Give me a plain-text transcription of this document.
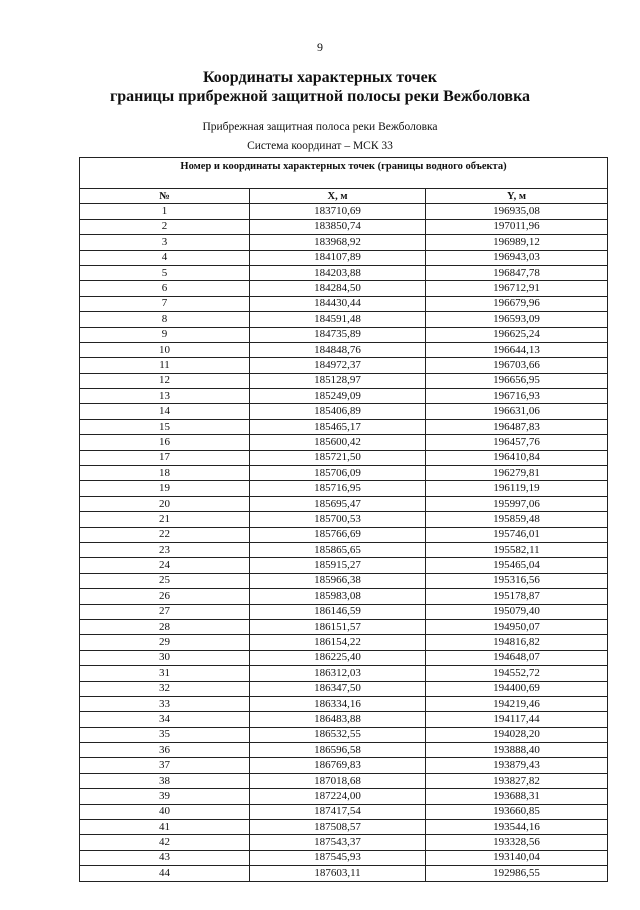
9
Координаты характерных точек
границы прибрежной защитной полосы реки Вежболовка
Прибрежная защитная полоса реки Вежболовка
Система координат – МСК 33
Номер и координаты характерных точек (границы водного объекта)		
№	X, м	Y, м
1	183710,69	196935,08
2	183850,74	197011,96
3	183968,92	196989,12
4	184107,89	196943,03
5	184203,88	196847,78
6	184284,50	196712,91
7	184430,44	196679,96
8	184591,48	196593,09
9	184735,89	196625,24
10	184848,76	196644,13
11	184972,37	196703,66
12	185128,97	196656,95
13	185249,09	196716,93
14	185406,89	196631,06
15	185465,17	196487,83
16	185600,42	196457,76
17	185721,50	196410,84
18	185706,09	196279,81
19	185716,95	196119,19
20	185695,47	195997,06
21	185700,53	195859,48
22	185766,69	195746,01
23	185865,65	195582,11
24	185915,27	195465,04
25	185966,38	195316,56
26	185983,08	195178,87
27	186146,59	195079,40
28	186151,57	194950,07
29	186154,22	194816,82
30	186225,40	194648,07
31	186312,03	194552,72
32	186347,50	194400,69
33	186334,16	194219,46
34	186483,88	194117,44
35	186532,55	194028,20
36	186596,58	193888,40
37	186769,83	193879,43
38	187018,68	193827,82
39	187224,00	193688,31
40	187417,54	193660,85
41	187508,57	193544,16
42	187543,37	193328,56
43	187545,93	193140,04
44	187603,11	192986,55
